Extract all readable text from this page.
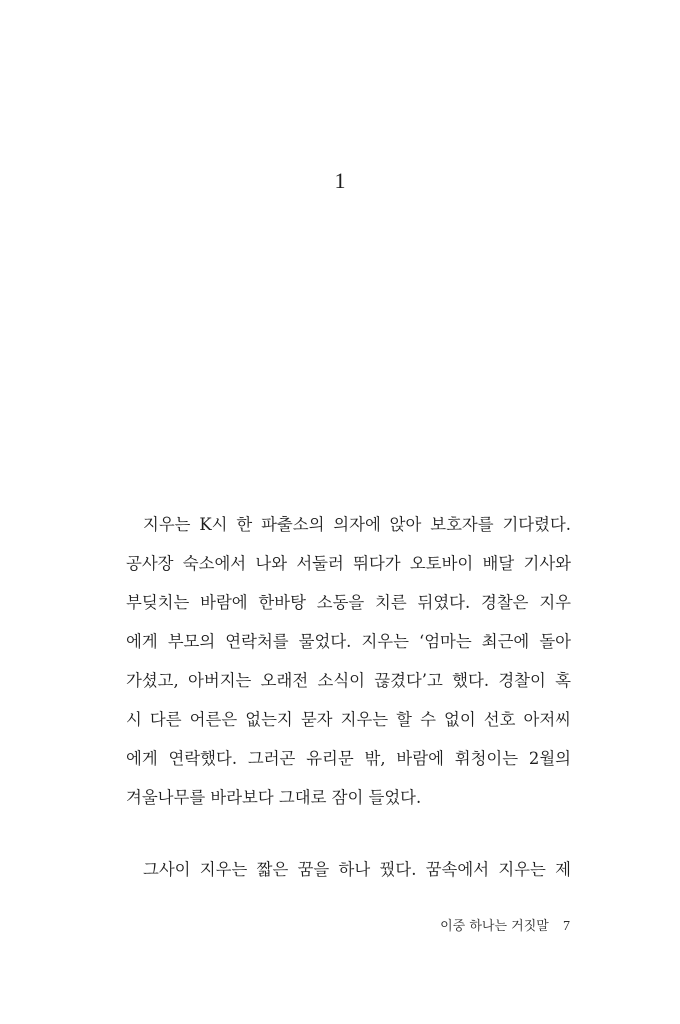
1
지우는 K시 한 파출소의 의자에 앉아 보호자를 기다렸다.
공사장 숙소에서 나와 서둘러 뛰다가 오토바이 배달 기사와
부딪치는 바람에 한바탕 소동을 치른 뒤였다. 경찰은 지우
에게 부모의 연락처를 물었다. 지우는 ‘엄마는 최근에 돌아
가셨고, 아버지는 오래전 소식이 끊겼다’고 했다. 경찰이 혹
시 다른 어른은 없는지 묻자 지우는 할 수 없이 선호 아저씨
에게 연락했다. 그러곤 유리문 밖, 바람에 휘청이는 2월의
겨울나무를 바라보다 그대로 잠이 들었다.
그사이 지우는 짧은 꿈을 하나 꿨다. 꿈속에서 지우는 제
이중 하나는 거짓말 7
